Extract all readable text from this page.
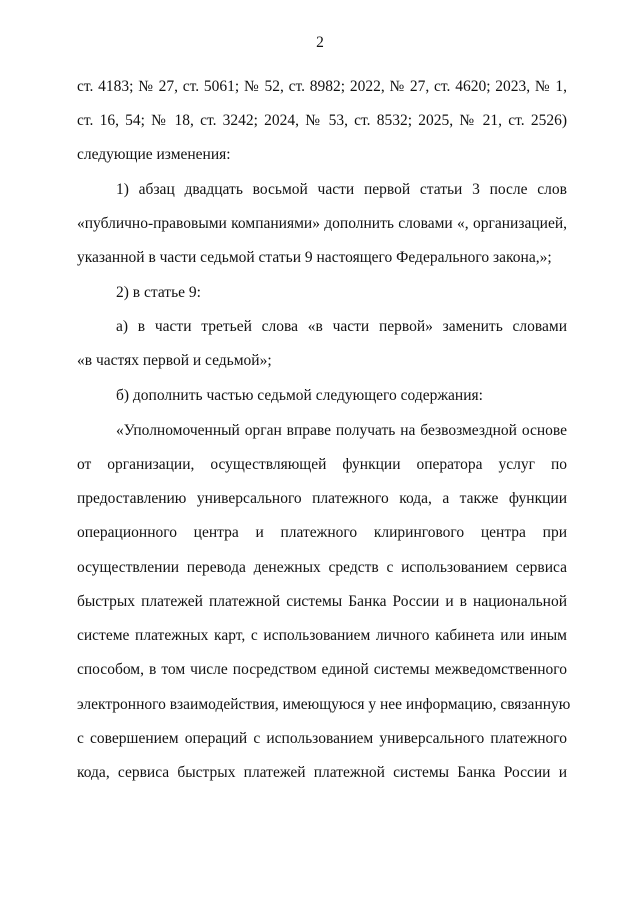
2
ст. 4183; № 27, ст. 5061; № 52, ст. 8982; 2022, № 27, ст. 4620; 2023, № 1,
ст. 16, 54; № 18, ст. 3242; 2024, № 53, ст. 8532; 2025, № 21, ст. 2526)
следующие изменения:
1) абзац двадцать восьмой части первой статьи 3 после слов
«публично-правовыми компаниями» дополнить словами «, организацией,
указанной в части седьмой статьи 9 настоящего Федерального закона,»;
2) в статье 9:
а) в части третьей слова «в части первой» заменить словами
«в частях первой и седьмой»;
б) дополнить частью седьмой следующего содержания:
«Уполномоченный орган вправе получать на безвозмездной основе
от организации, осуществляющей функции оператора услуг по
предоставлению универсального платежного кода, а также функции
операционного центра и платежного клирингового центра при
осуществлении перевода денежных средств с использованием сервиса
быстрых платежей платежной системы Банка России и в национальной
системе платежных карт, с использованием личного кабинета или иным
способом, в том числе посредством единой системы межведомственного
электронного взаимодействия, имеющуюся у нее информацию, связанную
с совершением операций с использованием универсального платежного
кода, сервиса быстрых платежей платежной системы Банка России и
